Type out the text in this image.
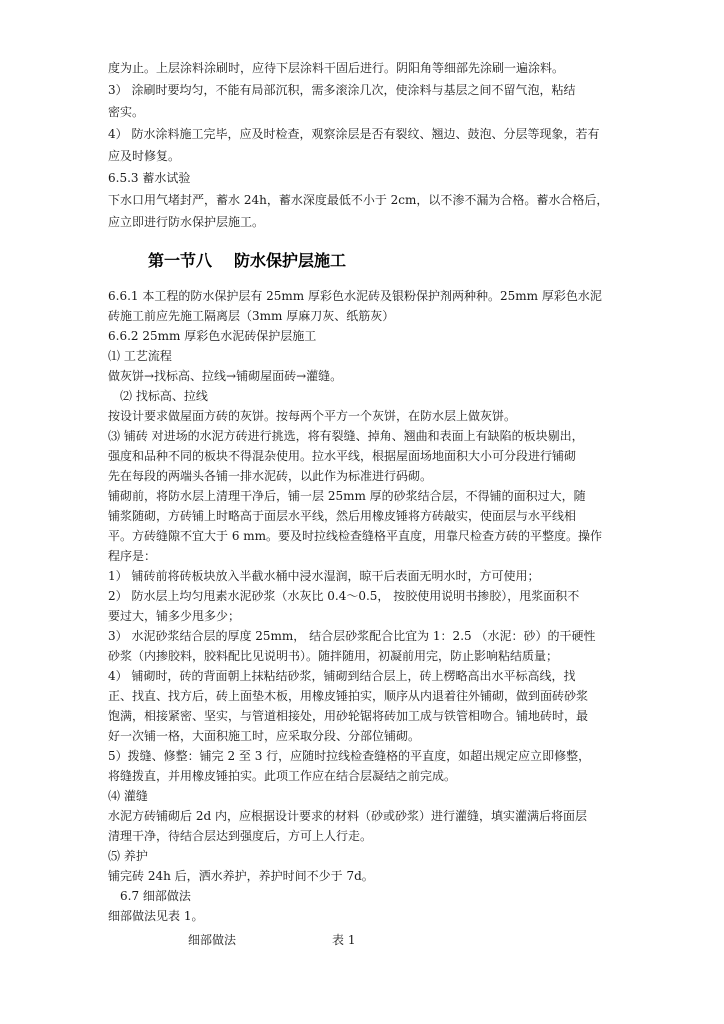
度为止。上层涂料涂刷时，应待下层涂料干固后进行。阴阳角等细部先涂刷一遍涂料。
3） 涂刷时要均匀，不能有局部沉积，需多滚涂几次，使涂料与基层之间不留气泡，粘结
密实。
4） 防水涂料施工完毕，应及时检查，观察涂层是否有裂纹、翘边、鼓泡、分层等现象，若有
应及时修复。
6.5.3 蓄水试验
下水口用气堵封严，蓄水 24h，蓄水深度最低不小于 2cm，以不渗不漏为合格。蓄水合格后，
应立即进行防水保护层施工。
第一节八 防水保护层施工
6.6.1 本工程的防水保护层有 25mm 厚彩色水泥砖及银粉保护剂两种种。25mm 厚彩色水泥
砖施工前应先施工隔离层（3mm 厚麻刀灰、纸筋灰）
6.6.2 25mm 厚彩色水泥砖保护层施工
⑴ 工艺流程
做灰饼→找标高、拉线→铺砌屋面砖→灌缝。
⑵ 找标高、拉线
按设计要求做屋面方砖的灰饼。按每两个平方一个灰饼，在防水层上做灰饼。
⑶ 铺砖 对进场的水泥方砖进行挑选，将有裂缝、掉角、翘曲和表面上有缺陷的板块剔出，
强度和品种不同的板块不得混杂使用。拉水平线，根据屋面场地面积大小可分段进行铺砌
先在每段的两端头各铺一排水泥砖，以此作为标准进行码砌。
铺砌前，将防水层上清理干净后，铺一层 25mm 厚的砂浆结合层，不得铺的面积过大，随
铺浆随砌，方砖铺上时略高于面层水平线，然后用橡皮锤将方砖敲实，使面层与水平线相
平。方砖缝隙不宜大于 6 mm。要及时拉线检查缝格平直度，用靠尺检查方砖的平整度。操作
程序是：
1） 铺砖前将砖板块放入半截水桶中浸水湿润，晾干后表面无明水时，方可使用；
2） 防水层上均匀甩素水泥砂浆（水灰比 0.4～0.5， 按胶使用说明书掺胶），甩浆面积不
要过大，铺多少甩多少；
3） 水泥砂浆结合层的厚度 25mm， 结合层砂浆配合比宜为 1：2.5 （水泥：砂）的干硬性
砂浆（内掺胶料，胶料配比见说明书）。随拌随用，初凝前用完，防止影响粘结质量；
4） 铺砌时，砖的背面朝上抹粘结砂浆，铺砌到结合层上，砖上楞略高出水平标高线，找
正、找直、找方后，砖上面垫木板，用橡皮锤拍实，顺序从内退着往外铺砌，做到面砖砂浆
饱满，相接紧密、坚实，与管道相接处，用砂轮锯将砖加工成与铁管相吻合。铺地砖时，最
好一次铺一格，大面积施工时，应采取分段、分部位铺砌。
5）拨缝、修整：铺完 2 至 3 行，应随时拉线检查缝格的平直度，如超出规定应立即修整，
将缝拨直，并用橡皮锤拍实。此项工作应在结合层凝结之前完成。
⑷ 灌缝
水泥方砖铺砌后 2d 内，应根据设计要求的材料（砂或砂浆）进行灌缝，填实灌满后将面层
清理干净，待结合层达到强度后，方可上人行走。
⑸ 养护
铺完砖 24h 后，洒水养护，养护时间不少于 7d。
6.7 细部做法
细部做法见表 1。
细部做法	表 1
